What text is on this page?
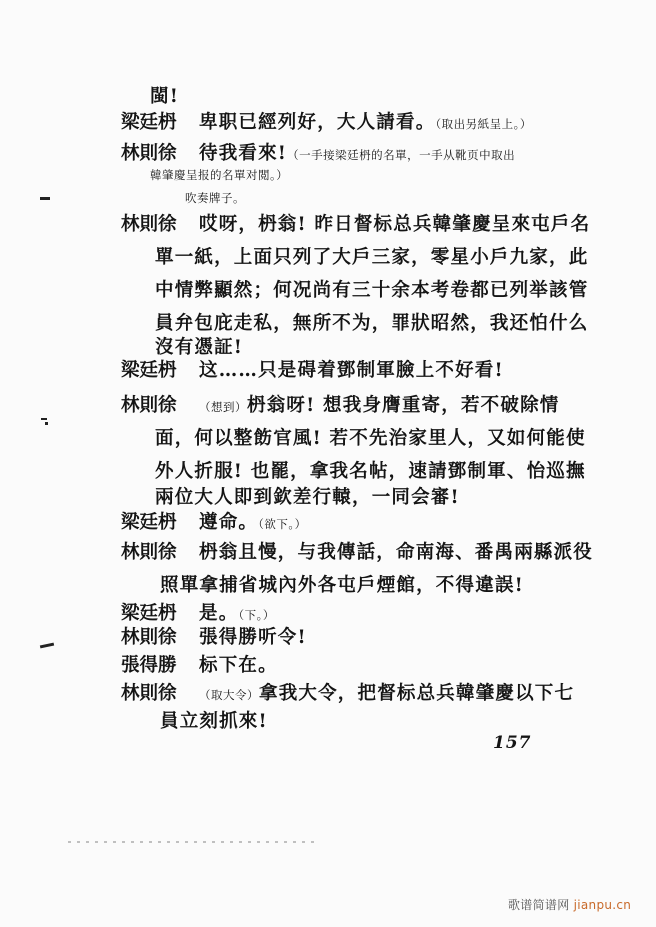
閩!
梁廷枬 卑职已經列好，大人請看。（取出另紙呈上。）
林則徐 待我看來!（一手接梁廷枬的名單，一手从靴页中取出
韓肇慶呈报的名單对閲。）
吹奏牌子。
林則徐 哎呀，枬翁! 昨日督标总兵韓肇慶呈來屯戶名
單一紙，上面只列了大戶三家，零星小戶九家，此
中情弊顯然；何况尚有三十余本考卷都已列举該管
員弁包庇走私，無所不为，罪狀昭然，我还怕什么
沒有憑証!
梁廷枬 这……只是碍着鄧制軍臉上不好看!
林則徐 （想到）枬翁呀! 想我身膺重寄，若不破除情
面，何以整飭官風! 若不先治家里人，又如何能使
外人折服! 也罷，拿我名帖，速請鄧制軍、怡巡撫
兩位大人即到欽差行轅，一同会審!
梁廷枬 遵命。（欲下。）
林則徐 枬翁且慢，与我傳話，命南海、番禺兩縣派役
照單拿捕省城內外各屯戶煙館，不得違誤!
梁廷枬 是。（下。）
林則徐 張得勝听令!
張得勝 标下在。
林則徐 （取大令）拿我大令，把督标总兵韓肇慶以下七
員立刻抓來!
157
歌谱简谱网 jianpu.cn
